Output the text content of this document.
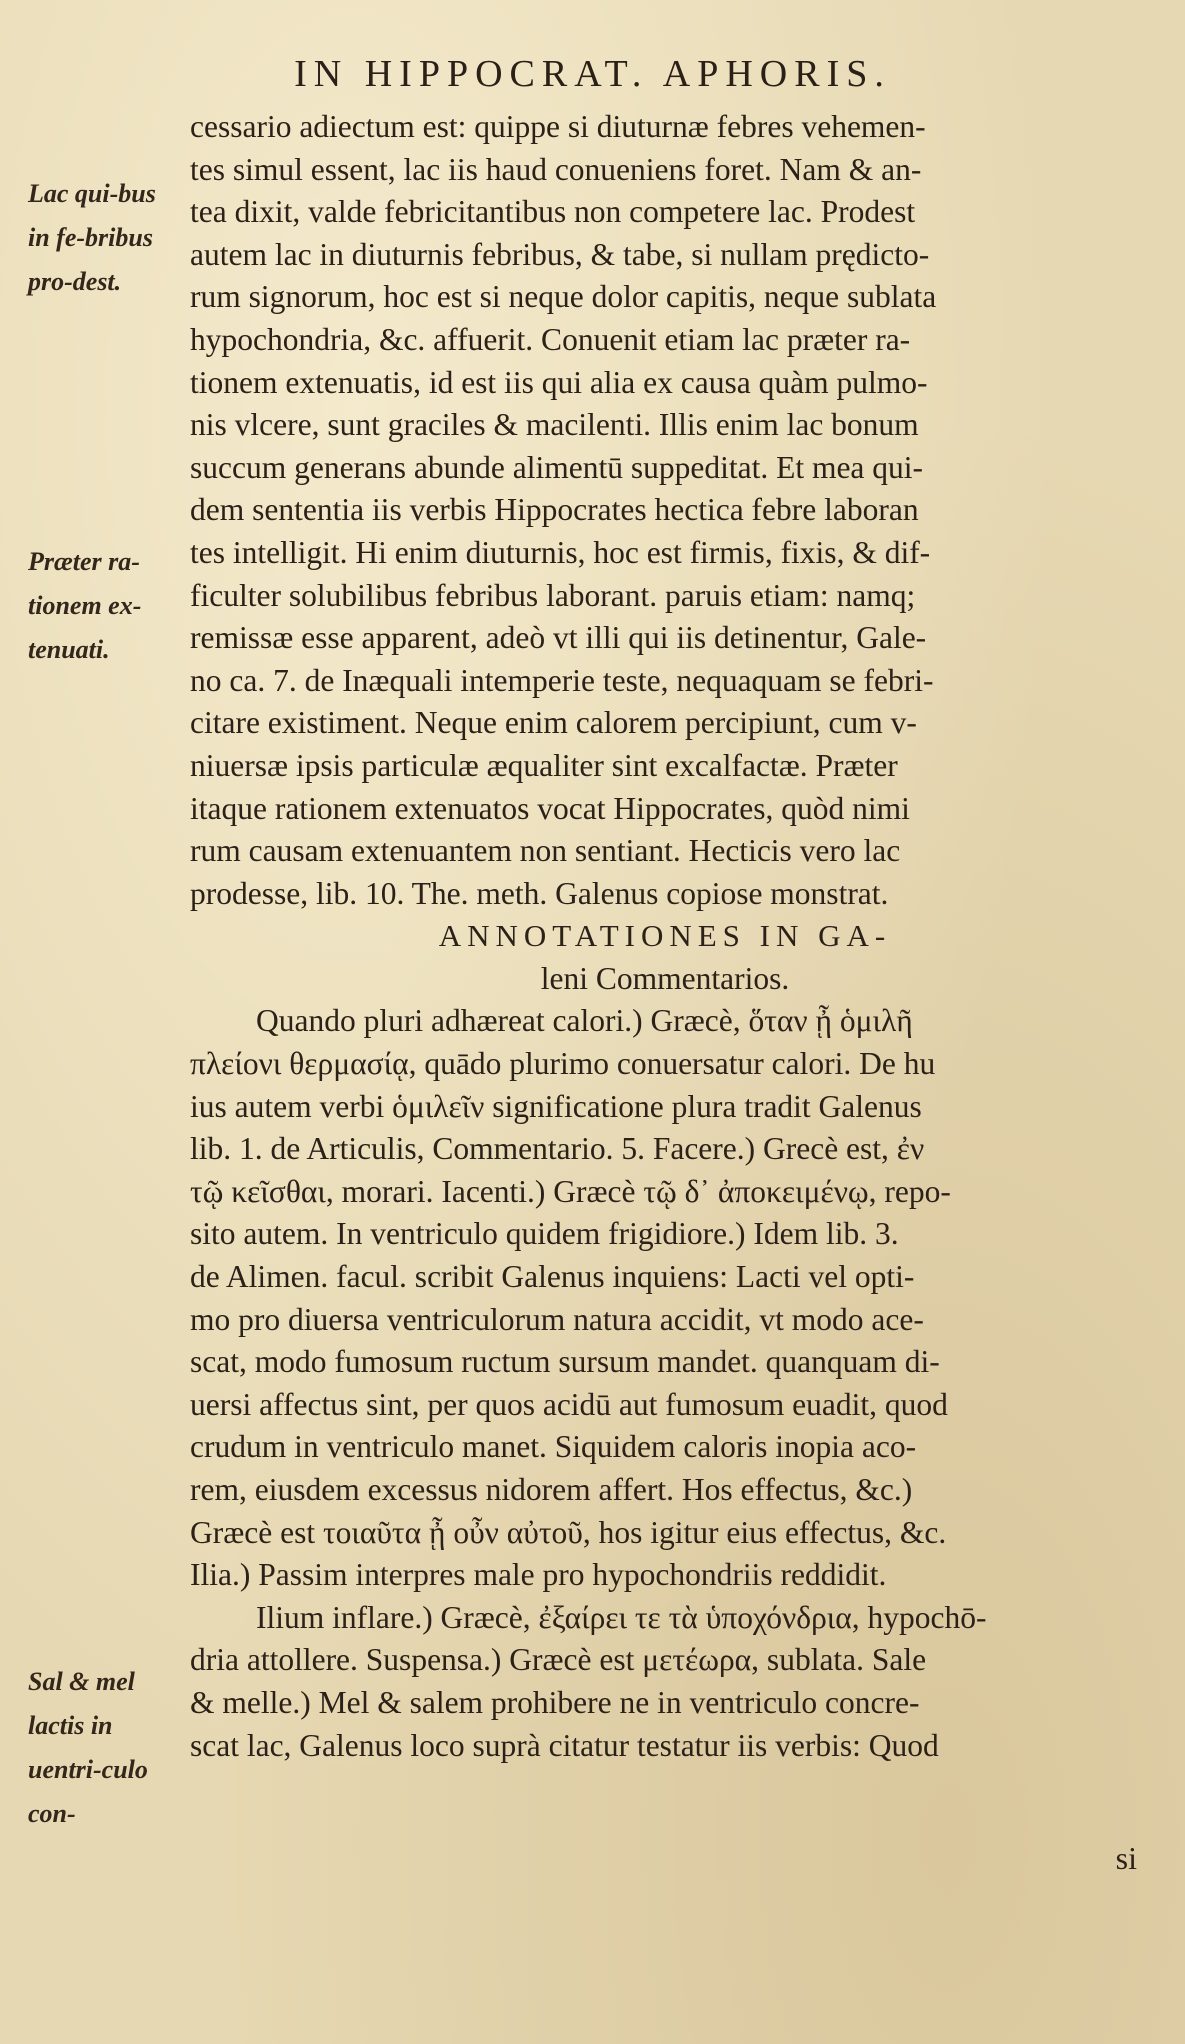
IN HIPPOCRAT. APHORIS.
Lac qui-bus in fe-bribus pro-dest.
Præter ra-tionem ex-tenuati.
Sal & mel lactis in uentri-culo con-
cessario adiectum est: quippe si diuturnæ febres vehemen-
tes simul essent, lac iis haud conueniens foret. Nam & an-
tea dixit, valde febricitantibus non competere lac. Prodest
autem lac in diuturnis febribus, & tabe, si nullam prędicto-
rum signorum, hoc est si neque dolor capitis, neque sublata
hypochondria, &c. affuerit. Conuenit etiam lac præter ra-
tionem extenuatis, id est iis qui alia ex causa quàm pulmo-
nis vlcere, sunt graciles & macilenti. Illis enim lac bonum
succum generans abunde alimentū suppeditat. Et mea qui-
dem sententia iis verbis Hippocrates hectica febre laboran
tes intelligit. Hi enim diuturnis, hoc est firmis, fixis, & dif-
ficulter solubilibus febribus laborant. paruis etiam: namq;
remissæ esse apparent, adeò vt illi qui iis detinentur, Gale-
no ca. 7. de Inæquali intemperie teste, nequaquam se febri-
citare existiment. Neque enim calorem percipiunt, cum v-
niuersæ ipsis particulæ æqualiter sint excalfactæ. Præter
itaque rationem extenuatos vocat Hippocrates, quòd nimi
rum causam extenuantem non sentiant. Hecticis vero lac
prodesse, lib. 10. The. meth. Galenus copiose monstrat.
ANNOTATIONES IN GA-
leni Commentarios.
Quando pluri adhæreat calori.) Græcè, ὅταν ᾖ ὁμιλῆ
πλείονι θερμασίᾳ, quādo plurimo conuersatur calori. De hu
ius autem verbi ὁμιλεῖν significatione plura tradit Galenus
lib. 1. de Articulis, Commentario. 5. Facere.) Grecè est, ἐν
τῷ κεῖσθαι, morari. Iacenti.) Græcè τῷ δ᾽ ἀποκειμένῳ, repo-
sito autem. In ventriculo quidem frigidiore.) Idem lib. 3.
de Alimen. facul. scribit Galenus inquiens: Lacti vel opti-
mo pro diuersa ventriculorum natura accidit, vt modo ace-
scat, modo fumosum ructum sursum mandet. quanquam di-
uersi affectus sint, per quos acidū aut fumosum euadit, quod
crudum in ventriculo manet. Siquidem caloris inopia aco-
rem, eiusdem excessus nidorem affert. Hos effectus, &c.)
Græcè est τοιαῦτα ᾖ οὖν αὐτοῦ, hos igitur eius effectus, &c.
Ilia.) Passim interpres male pro hypochondriis reddidit.
Ilium inflare.) Græcè, ἐξαίρει τε τὰ ὑποχόνδρια, hypochō-
dria attollere. Suspensa.) Græcè est μετέωρα, sublata. Sale
& melle.) Mel & salem prohibere ne in ventriculo concre-
scat lac, Galenus loco suprà citatur testatur iis verbis: Quod
si
